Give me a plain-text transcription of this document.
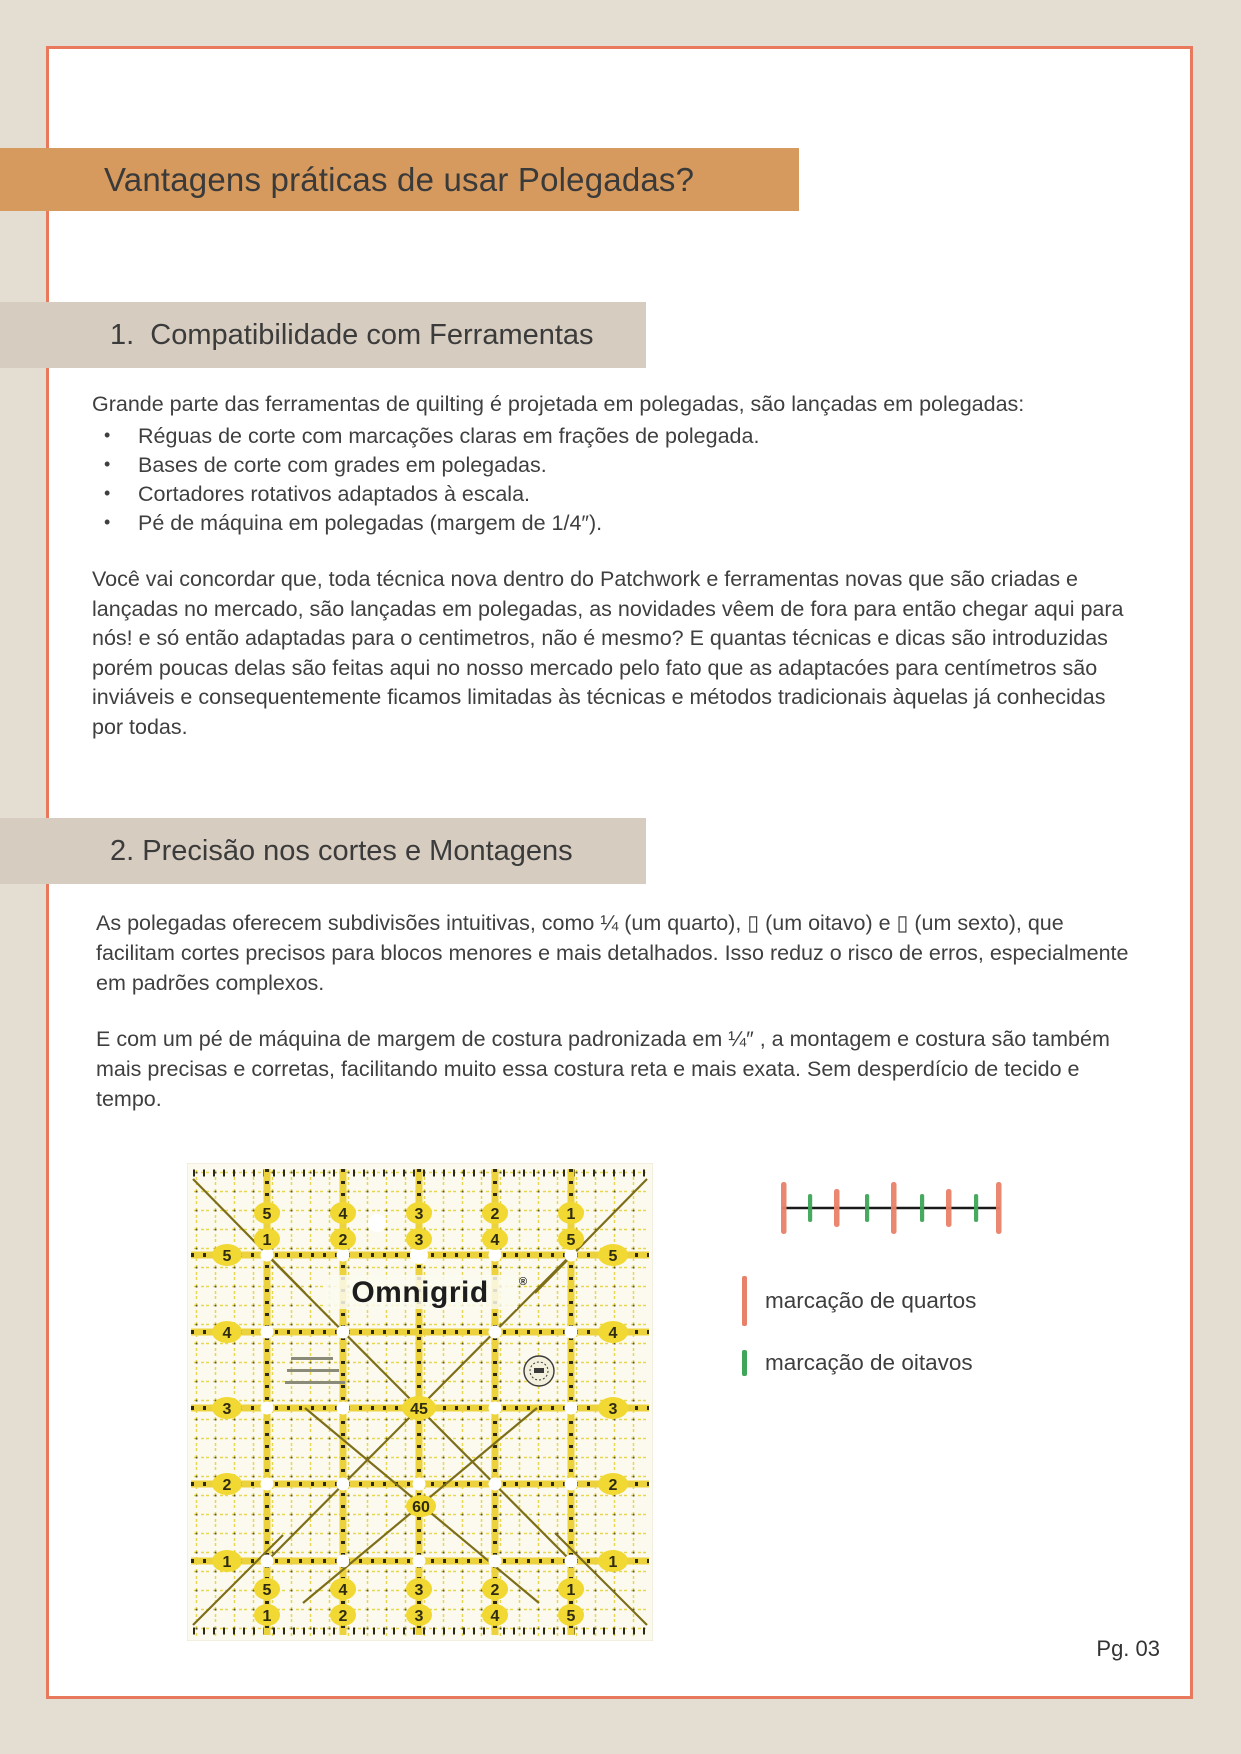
Vantagens práticas de usar Polegadas?
1.  Compatibilidade com Ferramentas
Grande parte das ferramentas de quilting é projetada em polegadas, são lançadas em polegadas:
• Réguas de corte com marcações claras em frações de polegada.
• Bases de corte com grades em polegadas.
• Cortadores rotativos adaptados à escala.
• Pé de máquina em polegadas (margem de 1/4″).
Você vai concordar que, toda técnica nova dentro do Patchwork e ferramentas novas que são criadas e lançadas no mercado, são lançadas em polegadas, as novidades vêem de fora para então chegar aqui para nós! e só então adaptadas para o centimetros, não é mesmo? E quantas técnicas e dicas são introduzidas porém poucas delas são feitas aqui no nosso mercado pelo fato que as adaptacóes para centímetros são inviáveis e consequentemente ficamos limitadas às técnicas e métodos tradicionais àquelas já conhecidas por todas.
2. Precisão nos cortes e Montagens
As polegadas oferecem subdivisões intuitivas, como ¼ (um quarto), ▯ (um oitavo) e ▯ (um sexto), que facilitam cortes precisos para blocos menores e mais detalhados. Isso reduz o risco de erros, especialmente em padrões complexos.
E com um pé de máquina de margem de costura padronizada em ¼″ , a montagem e costura são também mais precisas e corretas, facilitando muito essa costura reta e mais exata. Sem desperdício de tecido e tempo.
5
1
4
2
3
3
2
4
1
5
5
1
4
2
3
3
2
4
1
5
5	5
4	4
3	3
2	2
1	1
45
60
Omnigrid	®
marcação de quartos
marcação de oitavos
Pg. 03
